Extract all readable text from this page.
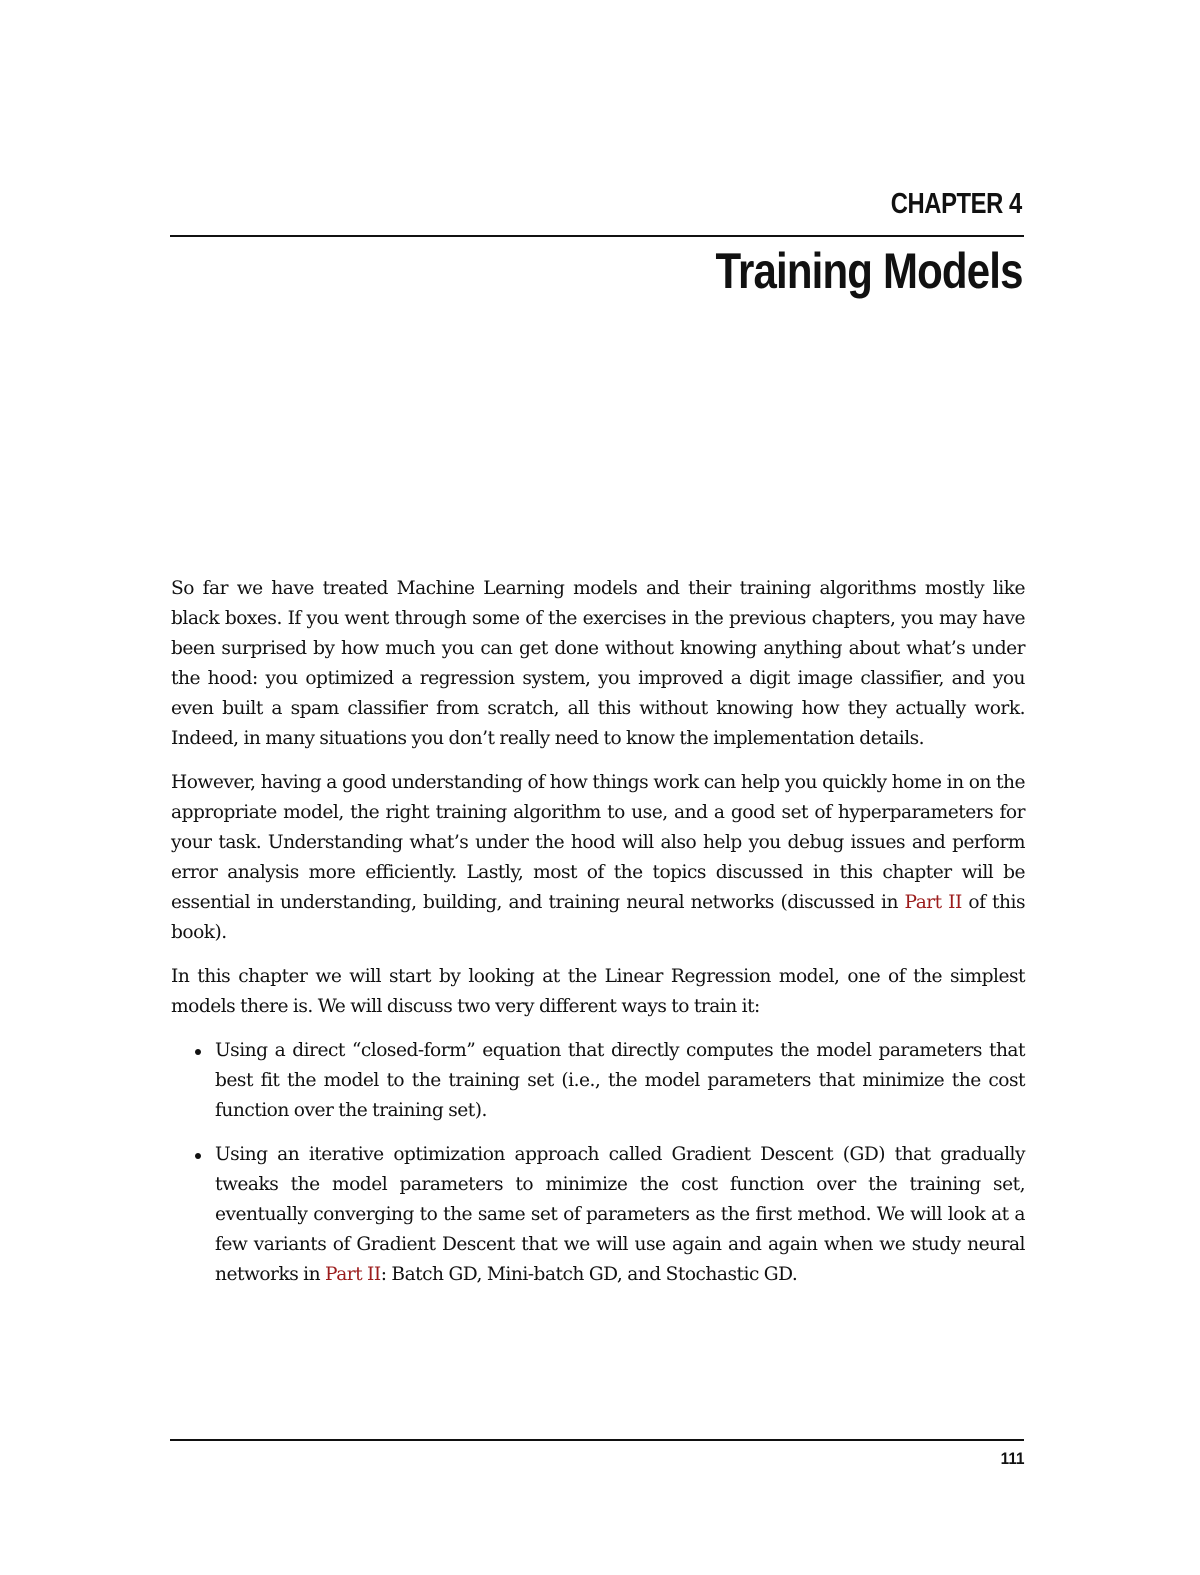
CHAPTER 4
Training Models

So far we have treated Machine Learning models and their training algorithms mostly like black boxes. If you went through some of the exercises in the previous chapters, you may have been surprised by how much you can get done without knowing anything about what’s under the hood: you optimized a regression system, you improved a digit image classifier, and you even built a spam classifier from scratch, all this without knowing how they actually work. Indeed, in many situations you don’t really need to know the implementation details.

However, having a good understanding of how things work can help you quickly home in on the appropriate model, the right training algorithm to use, and a good set of hyperparameters for your task. Understanding what’s under the hood will also help you debug issues and perform error analysis more efficiently. Lastly, most of the topics discussed in this chapter will be essential in understanding, building, and training neural networks (discussed in Part II of this book).

In this chapter we will start by looking at the Linear Regression model, one of the simplest models there is. We will discuss two very different ways to train it:

Using a direct “closed-form” equation that directly computes the model parameters that best fit the model to the training set (i.e., the model parameters that minimize the cost function over the training set).
Using an iterative optimization approach called Gradient Descent (GD) that gradually tweaks the model parameters to minimize the cost function over the training set, eventually converging to the same set of parameters as the first method. We will look at a few variants of Gradient Descent that we will use again and again when we study neural networks in Part II: Batch GD, Mini-batch GD, and Stochastic GD.
111
